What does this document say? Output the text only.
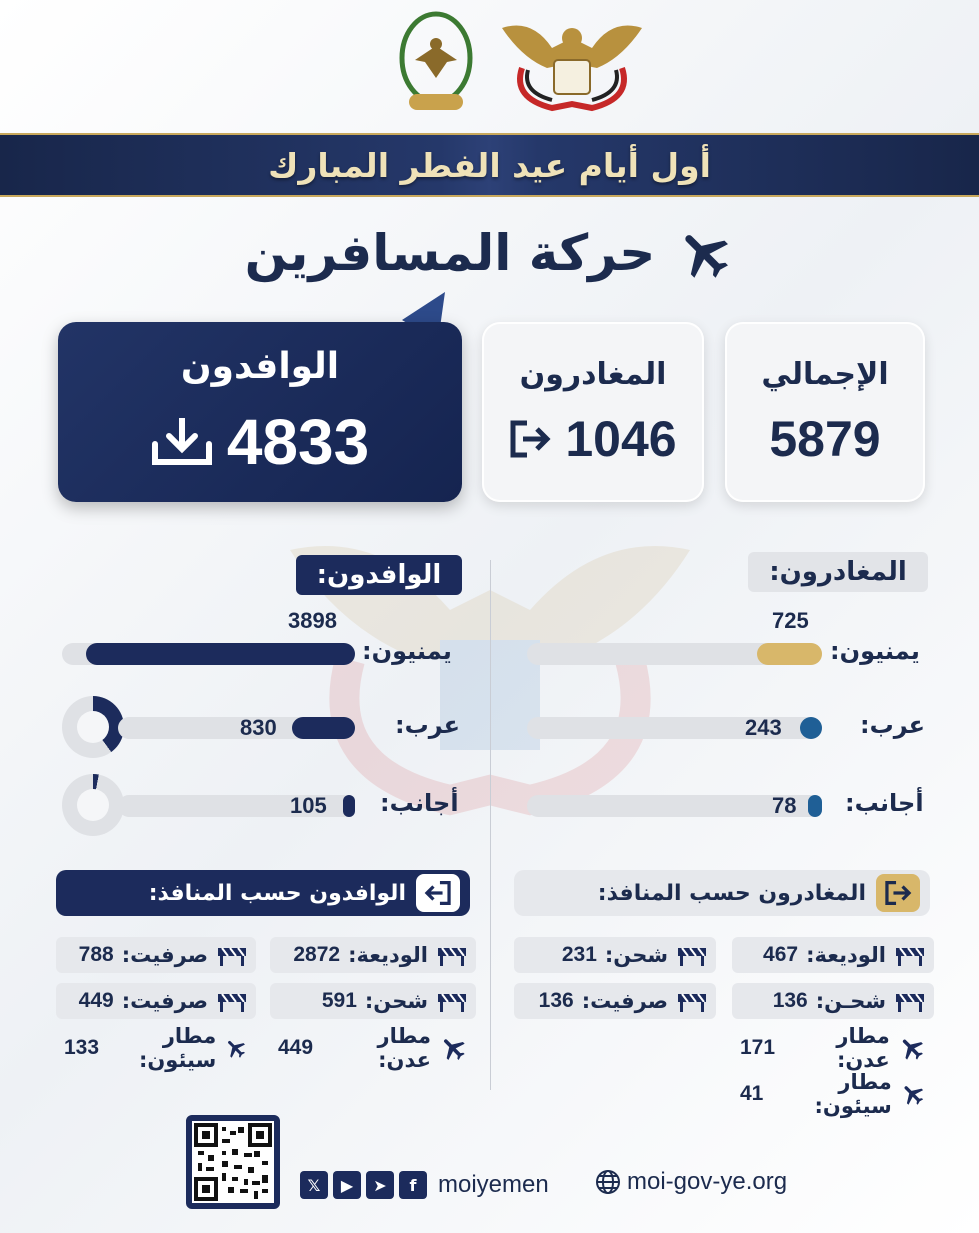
أول أيام عيد الفطر المبارك
حركة المسافرين
الوافدون
4833
المغادرون
1046
الإجمالي
5879
المغادرون:
الوافدون:
725
يمنيون:
243	عرب:
78 أجانب:
3898
يمنيون:
830	عرب:
105 أجانب:
المغادرون حسب المنافذ:
الوافدون حسب المنافذ:
الوديعة:
467
شحن:
231
شحـن:
136
صرفيت:
136
مطار عدن:
171
مطار سيئون:
41
الوديعة:
2872
صرفيت:
788
شحن:
591
صرفيت:
449
مطار عدن:
449
مطار سيئون:
133
𝕏	▶	➤	f moiyemen	moi-gov-ye.org
